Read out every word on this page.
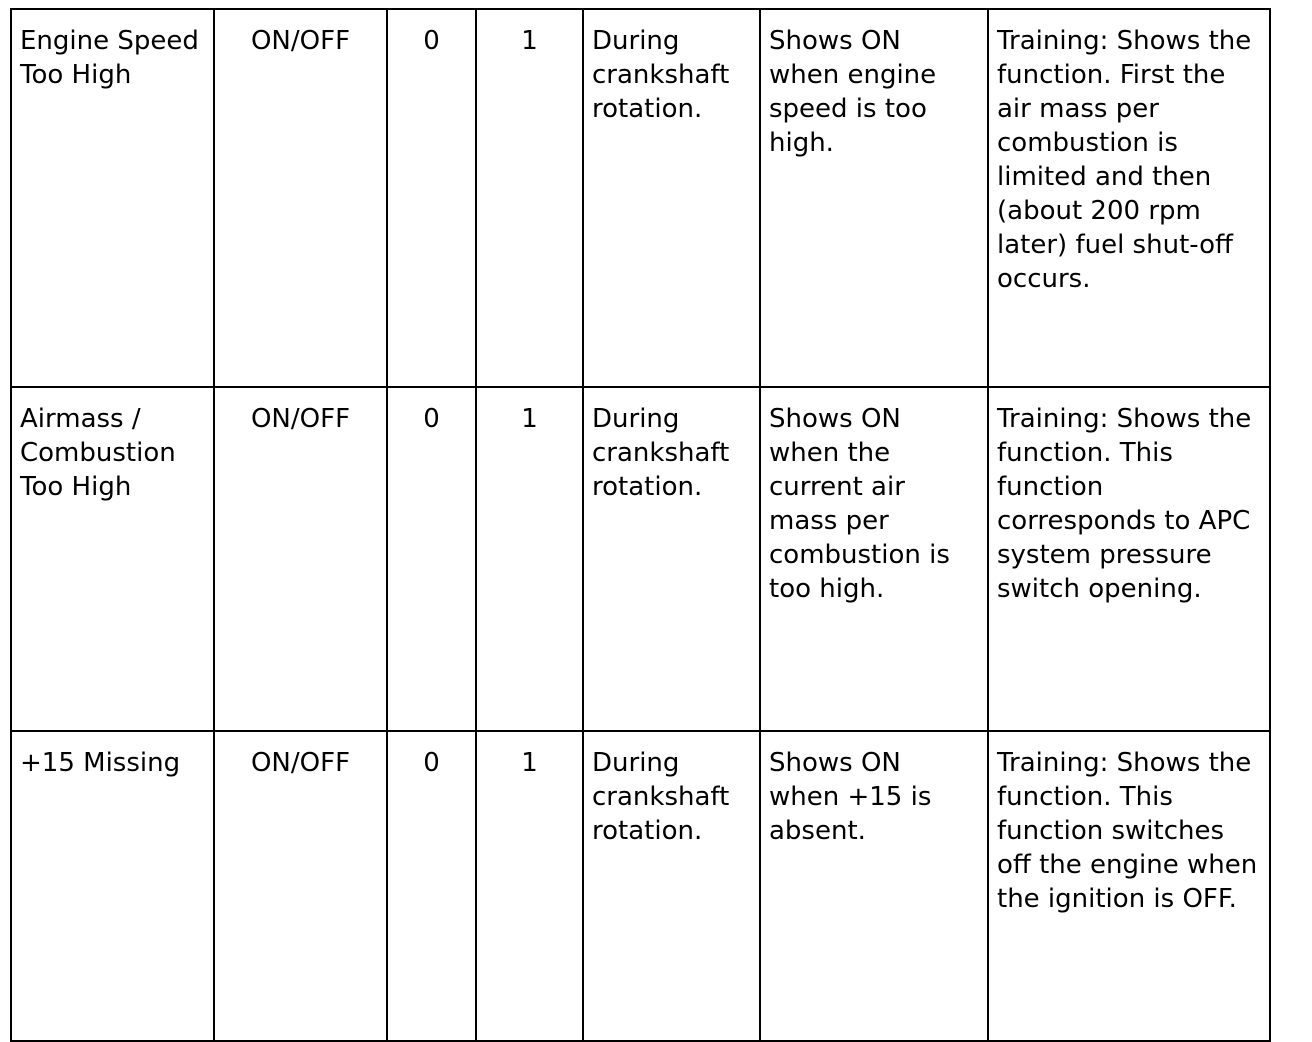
Engine Speed Too High	ON/OFF	0	1	During crankshaft rotation.	Shows ON when engine speed is too high.	Training: Shows the function. First the air mass per combustion is limited and then (about 200 rpm later) fuel shut-off occurs.
Airmass / Combustion Too High	ON/OFF	0	1	During crankshaft rotation.	Shows ON when the current air mass per combustion is too high.	Training: Shows the function. This function corresponds to APC system pressure switch opening.
+15 Missing	ON/OFF	0	1	During crankshaft rotation.	Shows ON when +15 is absent.	Training: Shows the function. This function switches off the engine when the ignition is OFF.
